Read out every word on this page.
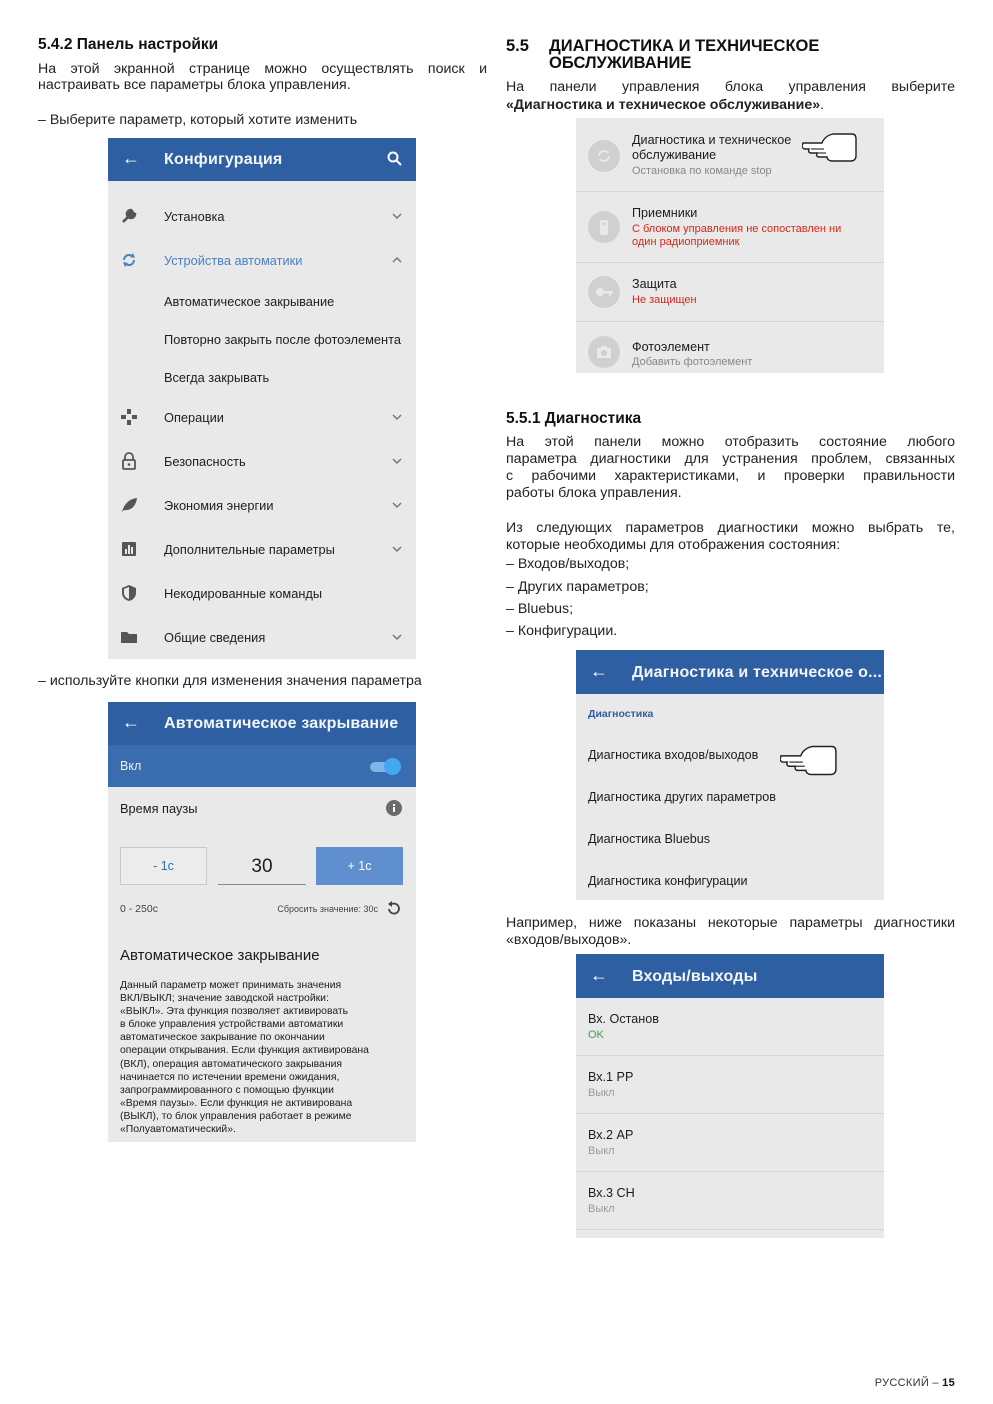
5.4.2 Панель настройки

На этой экранной странице можно осуществлять поиск и

настраивать все параметры блока управления.

– Выберите параметр, который хотите изменить
← Конфигурация
Установка
Устройства автоматики
Автоматическое закрывание
Повторно закрыть после фотоэлемента
Всегда закрывать
Операции
Безопасность
Экономия энергии
Дополнительные параметры
Некодированные команды
Общие сведения
– используйте кнопки для изменения значения параметра
← Автоматическое закрывание
Вкл
Время паузы
- 1с	30	+ 1с
0 - 250с	Сбросить значение: 30с
Автоматическое закрывание
Данный параметр может принимать значения
ВКЛ/ВЫКЛ; значение заводской настройки:
«ВЫКЛ». Эта функция позволяет активировать
в блоке управления устройствами автоматики
автоматическое закрывание по окончании
операции открывания. Если функция активирована
(ВКЛ), операция автоматического закрывания
начинается по истечении времени ожидания,
запрограммированного с помощью функции
«Время паузы». Если функция не активирована
(ВЫКЛ), то блок управления работает в режиме
«Полуавтоматический».
5.5 ДИАГНОСТИКА И ТЕХНИЧЕСКОЕ
ОБСЛУЖИВАНИЕ

На панели управления блока управления выберите

«Диагностика и техническое обслуживание».

Диагностика и техническое
обслуживание
Остановка по команде stop
Приемники
С блоком управления не сопоставлен ни
один радиоприемник
Защита
Не защищен
Фотоэлемент
Добавить фотоэлемент
5.5.1 Диагностика

На этой панели можно отобразить состояние любого

параметра диагностики для устранения проблем, связанных

с рабочими характеристиками, и проверки правильности

работы блока управления.

Из следующих параметров диагностики можно выбрать те,

которые необходимы для отображения состояния:

– Входов/выходов;
– Других параметров;
– Bluebus;
– Конфигурации.
← Диагностика и техническое о...
Диагностика
Диагностика входов/выходов
Диагностика других параметров
Диагностика Bluebus
Диагностика конфигурации

Например, ниже показаны некоторые параметры диагностики

«входов/выходов».

← Входы/выходы
Вх. Останов
OK
Вх.1 PP
Выкл
Вх.2 AP
Выкл
Вх.3 CH
Выкл
РУССКИЙ – 15
